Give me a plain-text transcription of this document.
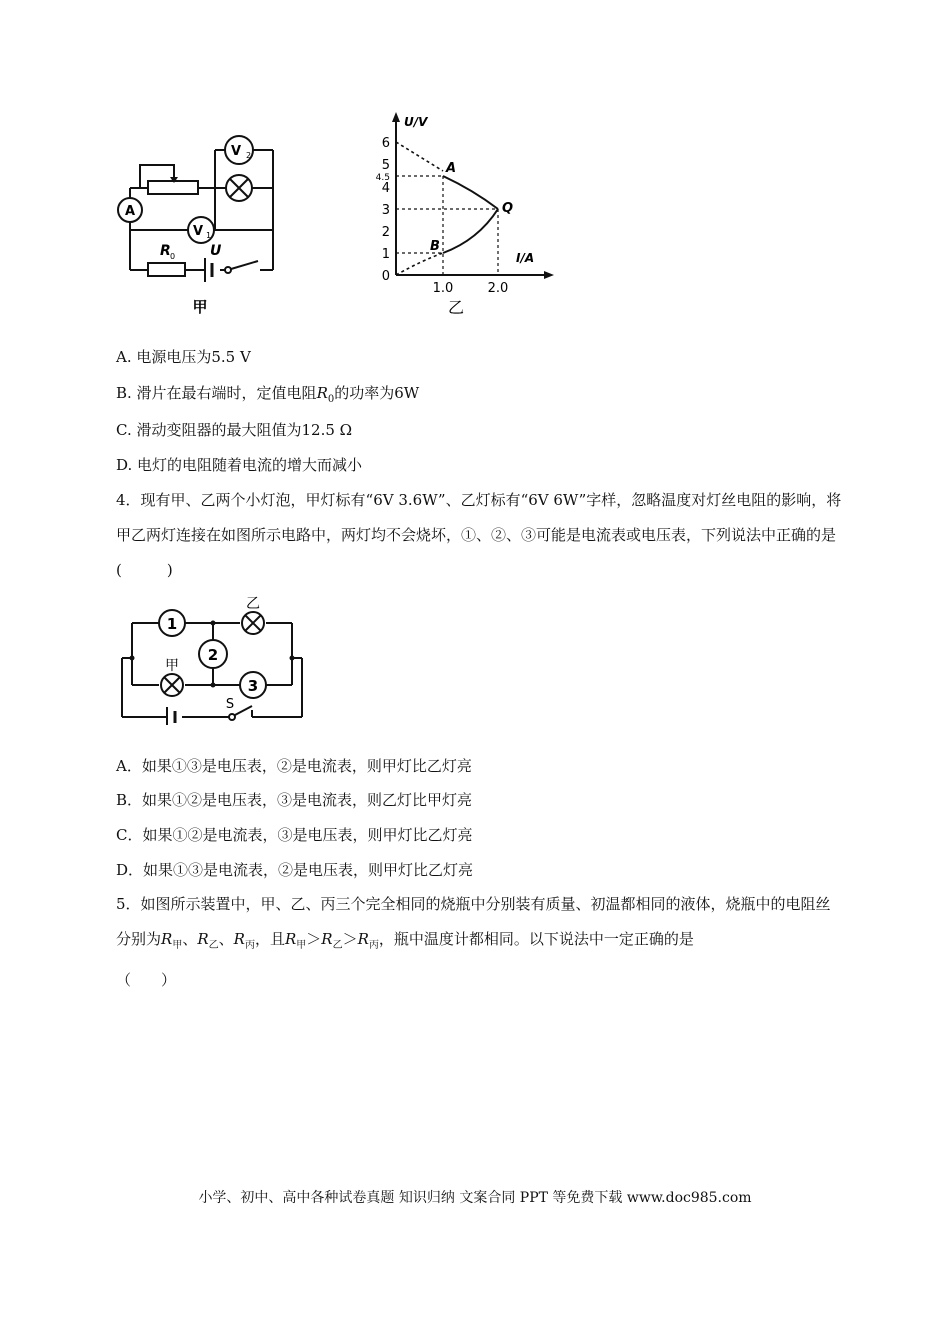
A
V 2
V 1
R 0 U
甲
U/V
I/A
6
5
4.5
4
3
2
1
0
1.0	2.0
A
B
Q
乙
A. 电源电压为5.5 V
B. 滑片在最右端时，定值电阻$R_0$的功率为6W
C. 滑动变阻器的最大阻值为12.5 Ω
D. 电灯的电阻随着电流的增大而减小
4．现有甲、乙两个小灯泡，甲灯标有“6V 3.6W”、乙灯标有“6V 6W”字样，忽略温度对灯丝电阻的影响，将甲乙两灯连接在如图所示电路中，两灯均不会烧坏，①、②、③可能是电流表或电压表，下列说法中正确的是(　　　)
1
2
3
乙
甲
S
A．如果①③是电压表，②是电流表，则甲灯比乙灯亮
B．如果①②是电压表，③是电流表，则乙灯比甲灯亮
C．如果①②是电流表，③是电压表，则甲灯比乙灯亮
D．如果①③是电流表，②是电压表，则甲灯比乙灯亮
5．如图所示装置中，甲、乙、丙三个完全相同的烧瓶中分别装有质量、初温都相同的液体，烧瓶中的电阻丝分别为$R_甲$、$R_乙$、$R_丙$，且$R_甲>R_乙>R_丙$，瓶中温度计都相同。以下说法中一定正确的是
（　　）
小学、初中、高中各种试卷真题 知识归纳 文案合同 PPT 等免费下载 www.doc985.com
